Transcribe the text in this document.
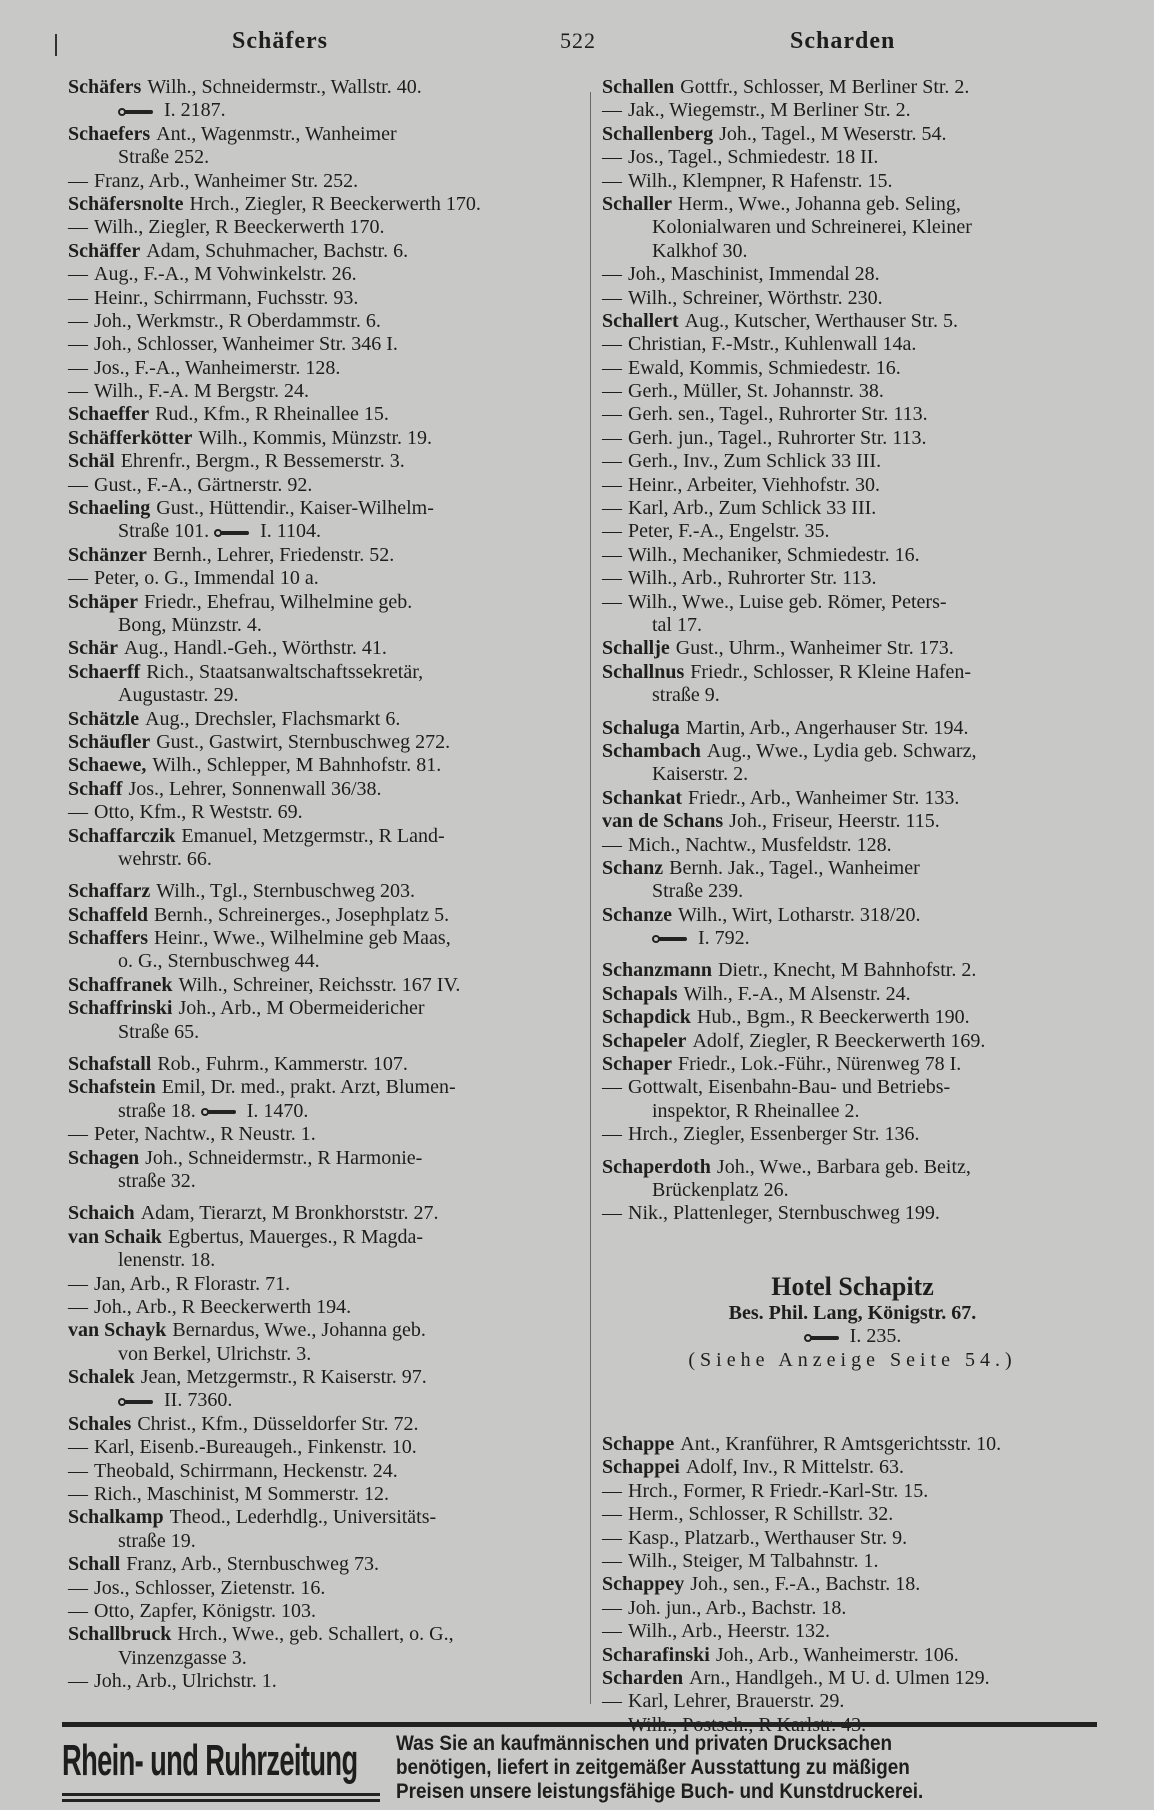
Schäfers	522	Scharden
Schäfers Wilh., Schneidermstr., Wallstr. 40.
I. 2187.
Schaefers Ant., Wagenmstr., Wanheimer
Straße 252.
— Franz, Arb., Wanheimer Str. 252.
Schäfersnolte Hrch., Ziegler, R Beeckerwerth 170.
— Wilh., Ziegler, R Beeckerwerth 170.
Schäffer Adam, Schuhmacher, Bachstr. 6.
— Aug., F.-A., M Vohwinkelstr. 26.
— Heinr., Schirrmann, Fuchsstr. 93.
— Joh., Werkmstr., R Oberdammstr. 6.
— Joh., Schlosser, Wanheimer Str. 346 I.
— Jos., F.-A., Wanheimerstr. 128.
— Wilh., F.-A. M Bergstr. 24.
Schaeffer Rud., Kfm., R Rheinallee 15.
Schäfferkötter Wilh., Kommis, Münzstr. 19.
Schäl Ehrenfr., Bergm., R Bessemerstr. 3.
— Gust., F.-A., Gärtnerstr. 92.
Schaeling Gust., Hüttendir., Kaiser-Wilhelm-
Straße 101.	I. 1104.
Schänzer Bernh., Lehrer, Friedenstr. 52.
— Peter, o. G., Immendal 10 a.
Schäper Friedr., Ehefrau, Wilhelmine geb.
Bong, Münzstr. 4.
Schär Aug., Handl.-Geh., Wörthstr. 41.
Schaerff Rich., Staatsanwaltschaftssekretär,
Augustastr. 29.
Schätzle Aug., Drechsler, Flachsmarkt 6.
Schäufler Gust., Gastwirt, Sternbuschweg 272.
Schaewe, Wilh., Schlepper, M Bahnhofstr. 81.
Schaff Jos., Lehrer, Sonnenwall 36/38.
— Otto, Kfm., R Weststr. 69.
Schaffarczik Emanuel, Metzgermstr., R Land-
wehrstr. 66.
Schaffarz Wilh., Tgl., Sternbuschweg 203.
Schaffeld Bernh., Schreinerges., Josephplatz 5.
Schaffers Heinr., Wwe., Wilhelmine geb Maas,
o. G., Sternbuschweg 44.
Schaffranek Wilh., Schreiner, Reichsstr. 167 IV.
Schaffrinski Joh., Arb., M Obermeidericher
Straße 65.
Schafstall Rob., Fuhrm., Kammerstr. 107.
Schafstein Emil, Dr. med., prakt. Arzt, Blumen-
straße 18.	I. 1470.
— Peter, Nachtw., R Neustr. 1.
Schagen Joh., Schneidermstr., R Harmonie-
straße 32.
Schaich Adam, Tierarzt, M Bronkhorststr. 27.
van Schaik Egbertus, Mauerges., R Magda-
lenenstr. 18.
— Jan, Arb., R Florastr. 71.
— Joh., Arb., R Beeckerwerth 194.
van Schayk Bernardus, Wwe., Johanna geb.
von Berkel, Ulrichstr. 3.
Schalek Jean, Metzgermstr., R Kaiserstr. 97.
II. 7360.
Schales Christ., Kfm., Düsseldorfer Str. 72.
— Karl, Eisenb.-Bureaugeh., Finkenstr. 10.
— Theobald, Schirrmann, Heckenstr. 24.
— Rich., Maschinist, M Sommerstr. 12.
Schalkamp Theod., Lederhdlg., Universitäts-
straße 19.
Schall Franz, Arb., Sternbuschweg 73.
— Jos., Schlosser, Zietenstr. 16.
— Otto, Zapfer, Königstr. 103.
Schallbruck Hrch., Wwe., geb. Schallert, o. G.,
Vinzenzgasse 3.
— Joh., Arb., Ulrichstr. 1.
Schallen Gottfr., Schlosser, M Berliner Str. 2.
— Jak., Wiegemstr., M Berliner Str. 2.
Schallenberg Joh., Tagel., M Weserstr. 54.
— Jos., Tagel., Schmiedestr. 18 II.
— Wilh., Klempner, R Hafenstr. 15.
Schaller Herm., Wwe., Johanna geb. Seling,
Kolonialwaren und Schreinerei, Kleiner
Kalkhof 30.
— Joh., Maschinist, Immendal 28.
— Wilh., Schreiner, Wörthstr. 230.
Schallert Aug., Kutscher, Werthauser Str. 5.
— Christian, F.-Mstr., Kuhlenwall 14a.
— Ewald, Kommis, Schmiedestr. 16.
— Gerh., Müller, St. Johannstr. 38.
— Gerh. sen., Tagel., Ruhrorter Str. 113.
— Gerh. jun., Tagel., Ruhrorter Str. 113.
— Gerh., Inv., Zum Schlick 33 III.
— Heinr., Arbeiter, Viehhofstr. 30.
— Karl, Arb., Zum Schlick 33 III.
— Peter, F.-A., Engelstr. 35.
— Wilh., Mechaniker, Schmiedestr. 16.
— Wilh., Arb., Ruhrorter Str. 113.
— Wilh., Wwe., Luise geb. Römer, Peters-
tal 17.
Schallje Gust., Uhrm., Wanheimer Str. 173.
Schallnus Friedr., Schlosser, R Kleine Hafen-
straße 9.
Schaluga Martin, Arb., Angerhauser Str. 194.
Schambach Aug., Wwe., Lydia geb. Schwarz,
Kaiserstr. 2.
Schankat Friedr., Arb., Wanheimer Str. 133.
van de Schans Joh., Friseur, Heerstr. 115.
— Mich., Nachtw., Musfeldstr. 128.
Schanz Bernh. Jak., Tagel., Wanheimer
Straße 239.
Schanze Wilh., Wirt, Lotharstr. 318/20.
I. 792.
Schanzmann Dietr., Knecht, M Bahnhofstr. 2.
Schapals Wilh., F.-A., M Alsenstr. 24.
Schapdick Hub., Bgm., R Beeckerwerth 190.
Schapeler Adolf, Ziegler, R Beeckerwerth 169.
Schaper Friedr., Lok.-Führ., Nürenweg 78 I.
— Gottwalt, Eisenbahn-Bau- und Betriebs-
inspektor, R Rheinallee 2.
— Hrch., Ziegler, Essenberger Str. 136.
Schaperdoth Joh., Wwe., Barbara geb. Beitz,
Brückenplatz 26.
— Nik., Plattenleger, Sternbuschweg 199.
Hotel Schapitz
Bes. Phil. Lang, Königstr. 67.
I. 235.
(Siehe Anzeige Seite 54.)
Schappe Ant., Kranführer, R Amtsgerichtsstr. 10.
Schappei Adolf, Inv., R Mittelstr. 63.
— Hrch., Former, R Friedr.-Karl-Str. 15.
— Herm., Schlosser, R Schillstr. 32.
— Kasp., Platzarb., Werthauser Str. 9.
— Wilh., Steiger, M Talbahnstr. 1.
Schappey Joh., sen., F.-A., Bachstr. 18.
— Joh. jun., Arb., Bachstr. 18.
— Wilh., Arb., Heerstr. 132.
Scharafinski Joh., Arb., Wanheimerstr. 106.
Scharden Arn., Handlgeh., M U. d. Ulmen 129.
— Karl, Lehrer, Brauerstr. 29.
Rhein- und Ruhrzeitung	Was Sie an kaufmännischen und privaten Drucksachen
benötigen, liefert in zeitgemäßer Ausstattung zu mäßigen
Preisen unsere leistungsfähige Buch- und Kunstdruckerei.
